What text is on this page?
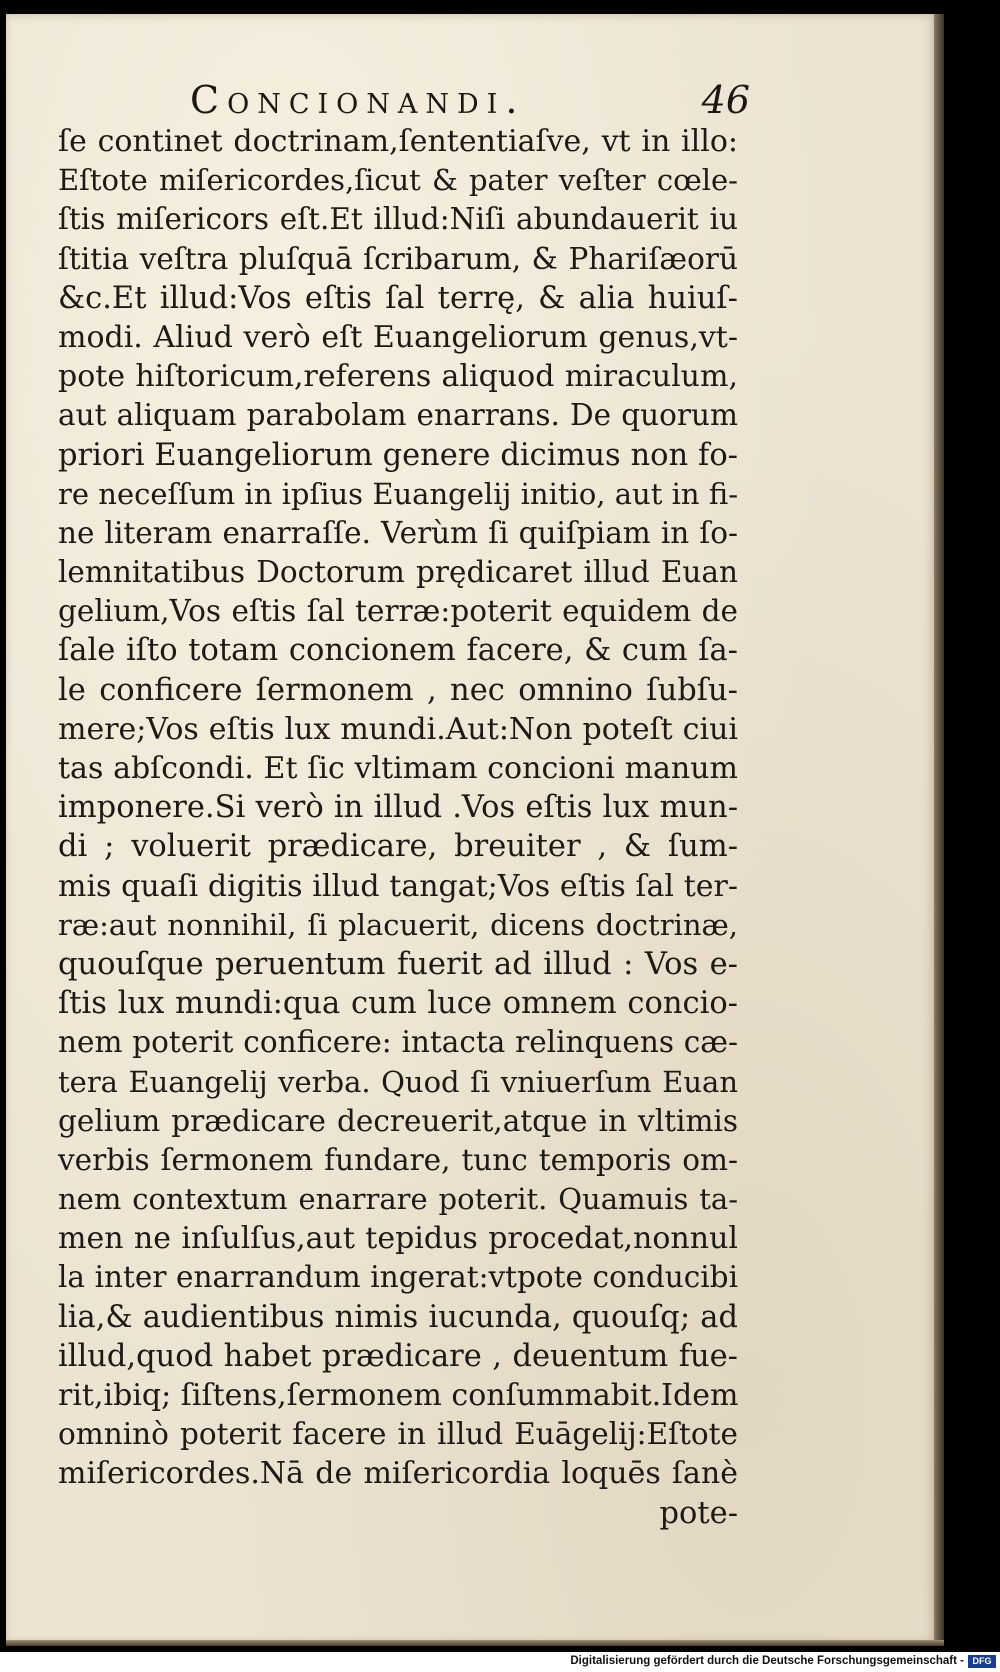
Concionandi.	46
ſe continet doctrinam,ſententiaſve, vt in illo:
Eſtote miſericordes,ſicut & pater veſter cœle-
ſtis miſericors eſt.Et illud:Niſi abundauerit iu
ſtitia veſtra pluſquā ſcribarum, & Phariſæorū
&c.Et illud:Vos eſtis ſal terrę, & alia huiuſ-
modi. Aliud verò eſt Euangeliorum genus,vt-
pote hiſtoricum,referens aliquod miraculum,
aut aliquam parabolam enarrans. De quorum
priori Euangeliorum genere dicimus non fo-
re neceſſum in ipſius Euangelij initio, aut in fi-
ne literam enarraſſe. Verùm ſi quiſpiam in ſo-
lemnitatibus Doctorum prędicaret illud Euan
gelium,Vos eſtis ſal terræ:poterit equidem de
ſale iſto totam concionem facere, & cum ſa-
le conficere ſermonem , nec omnino ſubſu-
mere;Vos eſtis lux mundi.Aut:Non poteſt ciui
tas abſcondi. Et ſic vltimam concioni manum
imponere.Si verò in illud .Vos eſtis lux mun-
di ; voluerit prædicare, breuiter , & ſum-
mis quaſi digitis illud tangat;Vos eſtis ſal ter-
ræ:aut nonnihil, ſi placuerit, dicens doctrinæ,
quouſque peruentum fuerit ad illud : Vos e-
ſtis lux mundi:qua cum luce omnem concio-
nem poterit conficere: intacta relinquens cæ-
tera Euangelij verba. Quod ſi vniuerſum Euan
gelium prædicare decreuerit,atque in vltimis
verbis ſermonem fundare, tunc temporis om-
nem contextum enarrare poterit. Quamuis ta-
men ne inſulſus,aut tepidus procedat,nonnul
la inter enarrandum ingerat:vtpote conducibi
lia,& audientibus nimis iucunda, quouſq; ad
illud,quod habet prædicare , deuentum fue-
rit,ibiq; ſiſtens,ſermonem conſummabit.Idem
omninò poterit facere in illud Euāgelij:Eſtote
miſericordes.Nā de miſericordia loquēs ſanè
pote-
Digitalisierung gefördert durch die Deutsche Forschungsgemeinschaft - DFG
